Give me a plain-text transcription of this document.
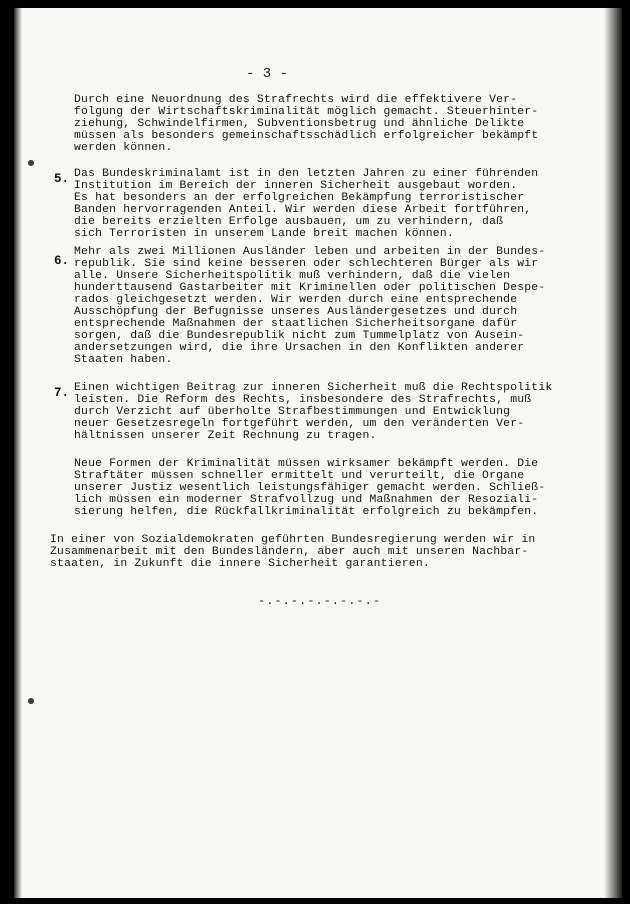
- 3 -
Durch eine Neuordnung des Strafrechts wird die effektivere Ver-
folgung der Wirtschaftskriminalität möglich gemacht. Steuerhinter-
ziehung, Schwindelfirmen, Subventionsbetrug und ähnliche Delikte
müssen als besonders gemeinschaftsschädlich erfolgreicher bekämpft
werden können.
5. Das Bundeskriminalamt ist in den letzten Jahren zu einer führenden
Institution im Bereich der inneren Sicherheit ausgebaut worden.
Es hat besonders an der erfolgreichen Bekämpfung terroristischer
Banden hervorragenden Anteil. Wir werden diese Arbeit fortführen,
die bereits erzielten Erfolge ausbauen, um zu verhindern, daß
sich Terroristen in unserem Lande breit machen können.
6.
Mehr als zwei Millionen Ausländer leben und arbeiten in der Bundes-
republik. Sie sind keine besseren oder schlechteren Bürger als wir
alle. Unsere Sicherheitspolitik muß verhindern, daß die vielen
hunderttausend Gastarbeiter mit Kriminellen oder politischen Despe-
rados gleichgesetzt werden. Wir werden durch eine entsprechende
Ausschöpfung der Befugnisse unseres Ausländergesetzes und durch
entsprechende Maßnahmen der staatlichen Sicherheitsorgane dafür
sorgen, daß die Bundesrepublik nicht zum Tummelplatz von Ausein-
andersetzungen wird, die ihre Ursachen in den Konflikten anderer
Staaten haben.
7. Einen wichtigen Beitrag zur inneren Sicherheit muß die Rechtspolitik
leisten. Die Reform des Rechts, insbesondere des Strafrechts, muß
durch Verzicht auf überholte Strafbestimmungen und Entwicklung
neuer Gesetzesregeln fortgeführt werden, um den veränderten Ver-
hältnissen unserer Zeit Rechnung zu tragen.
Neue Formen der Kriminalität müssen wirksamer bekämpft werden. Die
Straftäter müssen schneller ermittelt und verurteilt, die Organe
unserer Justiz wesentlich leistungsfähiger gemacht werden. Schließ-
lich müssen ein moderner Strafvollzug und Maßnahmen der Resoziali-
sierung helfen, die Rückfallkriminalität erfolgreich zu bekämpfen.
In einer von Sozialdemokraten geführten Bundesregierung werden wir in
Zusammenarbeit mit den Bundesländern, aber auch mit unseren Nachbar-
staaten, in Zukunft die innere Sicherheit garantieren.
-.-.-.-.-.-.-.-
